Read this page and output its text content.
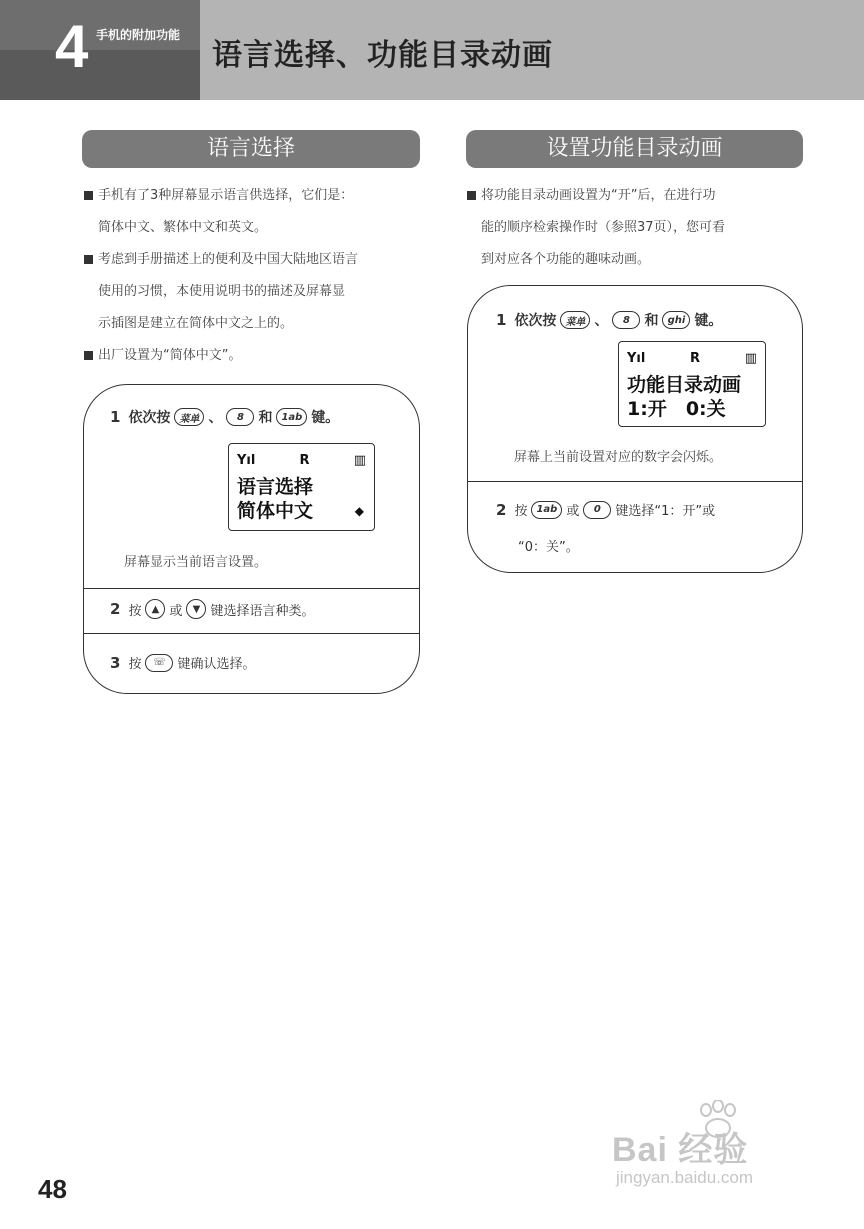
4 手机的附加功能
语言选择、功能目录动画
语言选择
手机有了3种屏幕显示语言供选择，它们是：
简体中文、繁体中文和英文。
考虑到手册描述上的便利及中国大陆地区语言
使用的习惯，本使用说明书的描述及屏幕显
示插图是建立在简体中文之上的。
出厂设置为“简体中文”。
1 依次按 菜单 、	8	和 1ab 键。
Yıl	R	▥
语言选择
简体中文	◆
屏幕显示当前语言设置。
2 按	▲ 或	▼ 键选择语言种类。
3 按	☏ 键确认选择。
设置功能目录动画
将功能目录动画设置为“开”后，在进行功
能的顺序检索操作时（参照37页），您可看
到对应各个功能的趣味动画。
1 依次按 菜单 、	8	和 ghi 键。
Yıl	R	▥
功能目录动画
1:开　0:关
屏幕上当前设置对应的数字会闪烁。
2 按 1ab 或	0	键选择“1：开”或
“0：关”。
48
Bai 经验
jingyan.baidu.com
